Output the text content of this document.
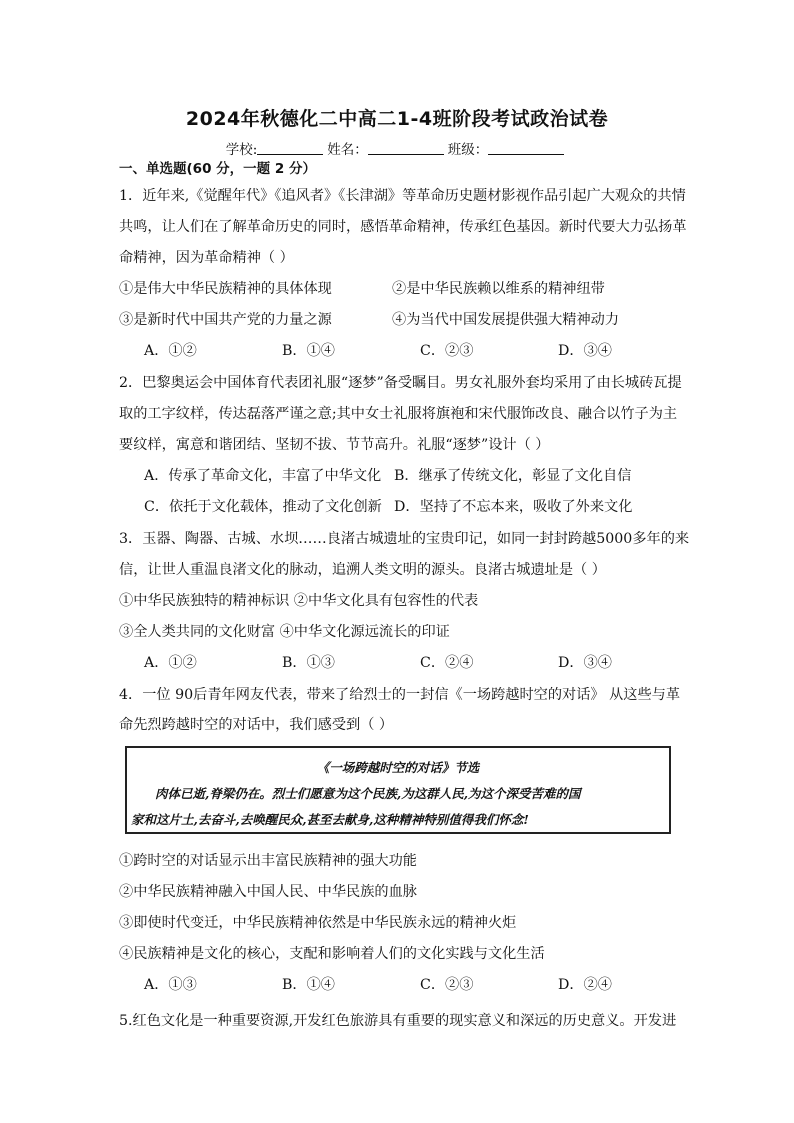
2024年秋德化二中高二1-4班阶段考试政治试卷
学校:	姓名：	班级：
一、单选题(60 分，一题 2 分）
1．近年来,《觉醒年代》《追风者》《长津湖》等革命历史题材影视作品引起广大观众的共情
共鸣，让人们在了解革命历史的同时，感悟革命精神，传承红色基因。新时代要大力弘扬革
命精神，因为革命精神（ ）
①是伟大中华民族精神的具体体现	②是中华民族赖以维系的精神纽带
③是新时代中国共产党的力量之源	④为当代中国发展提供强大精神动力
A．①②	B．①④	C．②③	D．③④
2．巴黎奥运会中国体育代表团礼服“逐梦”备受瞩目。男女礼服外套均采用了由长城砖瓦提
取的工字纹样，传达磊落严谨之意;其中女士礼服将旗袍和宋代服饰改良、融合以竹子为主
要纹样，寓意和谐团结、坚韧不拔、节节高升。礼服“逐梦”设计（ ）
A．传承了革命文化，丰富了中华文化 B．继承了传统文化，彰显了文化自信
C．依托于文化载体，推动了文化创新 D．坚持了不忘本来，吸收了外来文化
3．玉器、陶器、古城、水坝……良渚古城遗址的宝贵印记，如同一封封跨越5000多年的来
信，让世人重温良渚文化的脉动，追溯人类文明的源头。良渚古城遗址是（ ）
①中华民族独特的精神标识 ②中华文化具有包容性的代表
③全人类共同的文化财富 ④中华文化源远流长的印证
A．①②	B．①③	C．②④	D．③④
4．一位 90后青年网友代表，带来了给烈士的一封信《一场跨越时空的对话》 从这些与革
命先烈跨越时空的对话中，我们感受到（ ）
《一场跨越时空的对话》节选
肉体已逝,脊梁仍在。烈士们愿意为这个民族,为这群人民,为这个深受苦难的国
家和这片土,去奋斗,去唤醒民众,甚至去献身,这种精神特别值得我们怀念!
①跨时空的对话显示出丰富民族精神的强大功能
②中华民族精神融入中国人民、中华民族的血脉
③即使时代变迁，中华民族精神依然是中华民族永远的精神火炬
④民族精神是文化的核心，支配和影响着人们的文化实践与文化生活
A．①③	B．①④	C．②③	D．②④
5.红色文化是一种重要资源,开发红色旅游具有重要的现实意义和深远的历史意义。开发进
